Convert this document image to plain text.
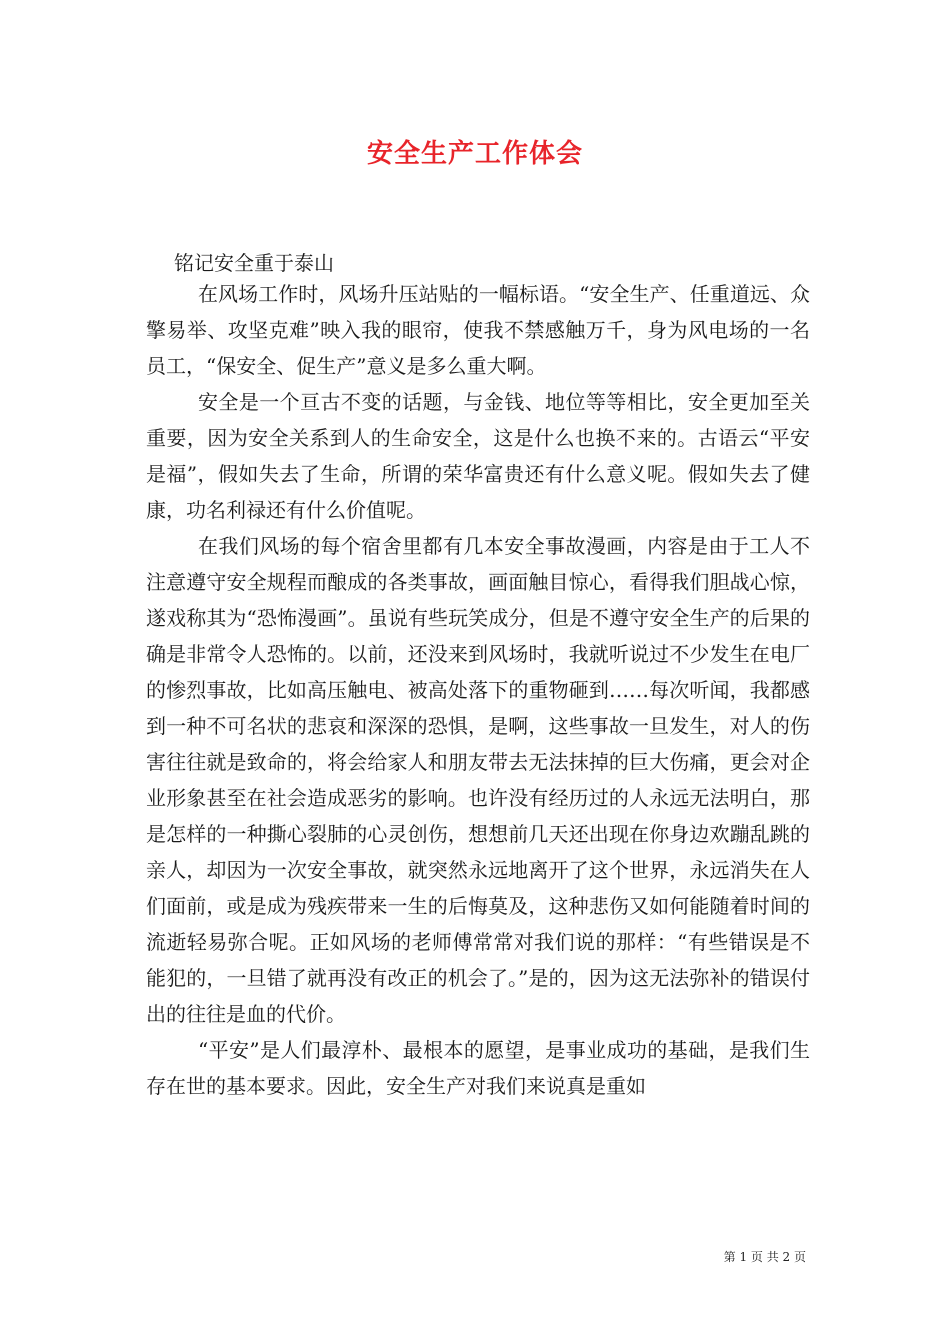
安全生产工作体会

铭记安全重于泰山

在风场工作时，风场升压站贴的一幅标语。“安全生产、任重道远、众擎易举、攻坚克难”映入我的眼帘，使我不禁感触万千，身为风电场的一名员工，“保安全、促生产”意义是多么重大啊。

安全是一个亘古不变的话题，与金钱、地位等等相比，安全更加至关重要，因为安全关系到人的生命安全，这是什么也换不来的。古语云“平安是福”，假如失去了生命，所谓的荣华富贵还有什么意义呢。假如失去了健康，功名利禄还有什么价值呢。

在我们风场的每个宿舍里都有几本安全事故漫画，内容是由于工人不注意遵守安全规程而酿成的各类事故，画面触目惊心，看得我们胆战心惊，遂戏称其为“恐怖漫画”。虽说有些玩笑成分，但是不遵守安全生产的后果的确是非常令人恐怖的。以前，还没来到风场时，我就听说过不少发生在电厂的惨烈事故，比如高压触电、被高处落下的重物砸到……每次听闻，我都感到一种不可名状的悲哀和深深的恐惧，是啊，这些事故一旦发生，对人的伤害往往就是致命的，将会给家人和朋友带去无法抹掉的巨大伤痛，更会对企业形象甚至在社会造成恶劣的影响。也许没有经历过的人永远无法明白，那是怎样的一种撕心裂肺的心灵创伤，想想前几天还出现在你身边欢蹦乱跳的亲人，却因为一次安全事故，就突然永远地离开了这个世界，永远消失在人们面前，或是成为残疾带来一生的后悔莫及，这种悲伤又如何能随着时间的流逝轻易弥合呢。正如风场的老师傅常常对我们说的那样：“有些错误是不能犯的，一旦错了就再没有改正的机会了。”是的，因为这无法弥补的错误付出的往往是血的代价。

“平安”是人们最淳朴、最根本的愿望，是事业成功的基础，是我们生存在世的基本要求。因此，安全生产对我们来说真是重如

第 1 页 共 2 页
